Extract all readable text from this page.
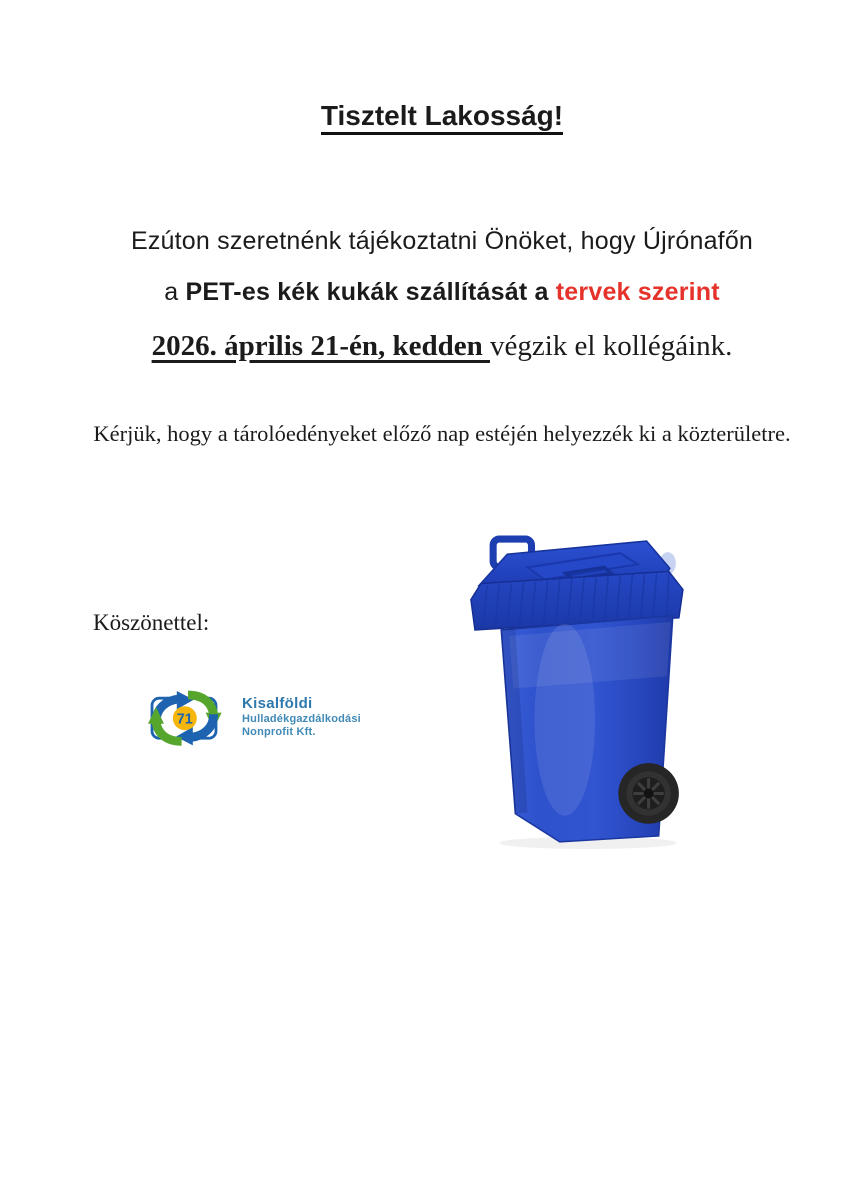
Tisztelt Lakosság!
Ezúton szeretnénk tájékoztatni Önöket, hogy Újrónafőn
a PET-es kék kukák szállítását a tervek szerint
2026. április 21-én, kedden végzik el kollégáink.
Kérjük, hogy a tárolóedényeket előző nap estéjén helyezzék ki a közterületre.
Köszönettel:
71
Kisalföldi
Hulladékgazdálkodási
Nonprofit Kft.
